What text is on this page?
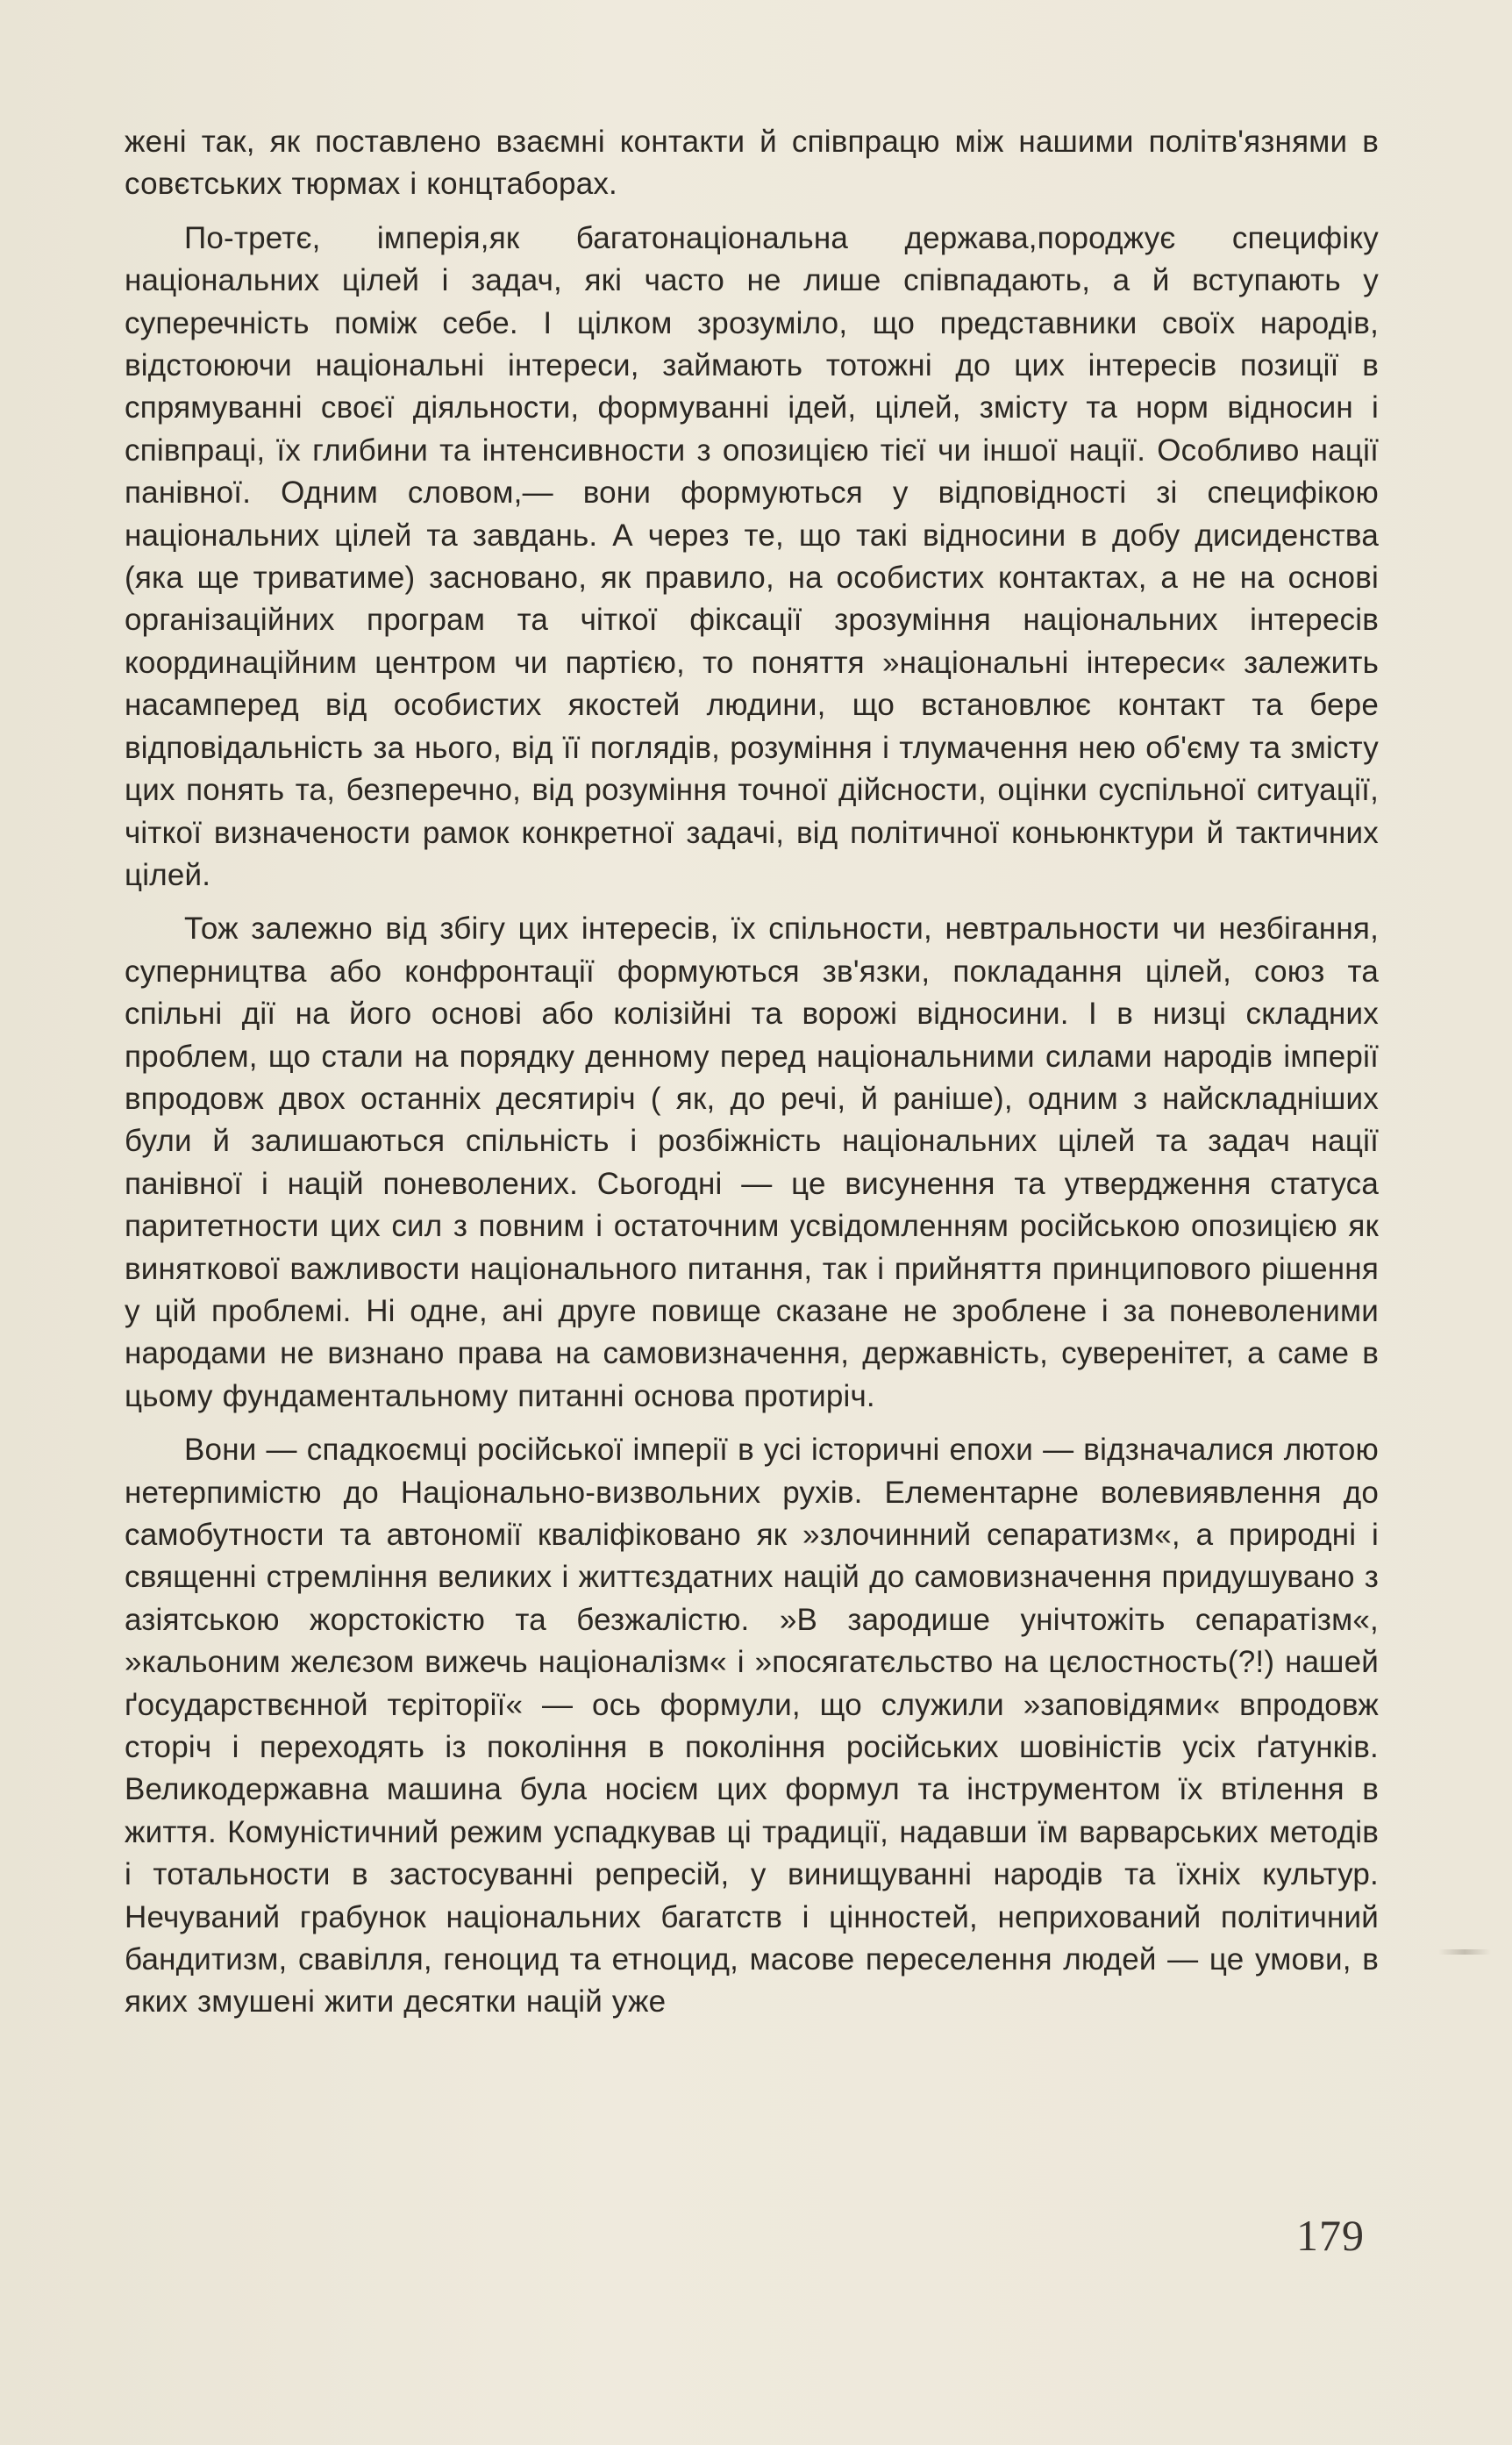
жені так, як поставлено взаємні контакти й співпрацю між нашими політв'язнями в совєтських тюрмах і концтаборах.

По-третє, імперія,як багатонаціональна держава,породжує специфіку національних цілей і задач, які часто не лише співпадають, а й вступають у суперечність поміж себе. І цілком зрозуміло, що представники своїх народів, відстоюючи національні інтереси, займають тотожні до цих інтересів позиції в спрямуванні своєї діяльности, формуванні ідей, цілей, змісту та норм відносин і співпраці, їх глибини та інтенсивности з опозицією тієї чи іншої нації. Особливо нації панівної. Одним словом,— вони формуються у відповідності зі специфікою національних цілей та завдань. А через те, що такі відносини в добу дисиденства (яка ще триватиме) засновано, як правило, на особистих контактах, а не на основі організаційних програм та чіткої фіксації зрозуміння національних інтересів координаційним центром чи партією, то поняття »національні інтереси« залежить насамперед від особистих якостей людини, що встановлює контакт та бере відповідальність за нього, від її поглядів, розуміння і тлумачення нею об'єму та змісту цих понять та, безперечно, від розуміння точної дійсности, оцінки суспільної ситуації, чіткої визначености рамок конкретної задачі, від політичної коньюнктури й тактичних цілей.

Тож залежно від збігу цих інтересів, їх спільности, невтральности чи незбігання, суперництва або конфронтації формуються зв'язки, покладання цілей, союз та спільні дії на його основі або колізійні та ворожі відносини. І в низці складних проблем, що стали на порядку денному перед національними силами народів імперії впродовж двох останніх десятиріч ( як, до речі, й раніше), одним з найскладніших були й залишаються спільність і розбіжність національних цілей та задач нації панівної і націй поневолених. Сьогодні — це висунення та утвердження статуса паритетности цих сил з повним і остаточним усвідомленням російською опозицією як виняткової важливости національного питання, так і прийняття принципового рішення у цій проблемі. Ні одне, ані друге повище сказане не зроблене і за поневоленими народами не визнано права на самовизначення, державність, суверенітет, а саме в цьому фундаментальному питанні основа протиріч.

Вони — спадкоємці російської імперії в усі історичні епохи — відзначалися лютою нетерпимістю до Національно-визвольних рухів. Елементарне волевиявлення до самобутности та автономії кваліфіковано як »злочинний сепаратизм«, а природні і священні стремління великих і життєздатних націй до самовизначення придушувано з азіятською жорстокістю та безжалістю. »В зародише унічтожіть сепаратізм«, »кальоним желєзом вижечь націоналізм« і »посягатєльство на цєлостность(?!) нашей ґосударствєнной тєріторії« — ось формули, що служили »заповідями« впродовж сторіч і переходять із покоління в покоління російських шовіністів усіх ґатунків. Великодержавна машина була носієм цих формул та інструментом їх втілення в життя. Комуністичний режим успадкував ці традиції, надавши їм варварських методів і тотальности в застосуванні репресій, у винищуванні народів та їхніх культур. Нечуваний грабунок національних багатств і цінностей, неприхований політичний бандитизм, свавілля, геноцид та етноцид, масове переселення людей — це умови, в яких змушені жити десятки націй уже

179
